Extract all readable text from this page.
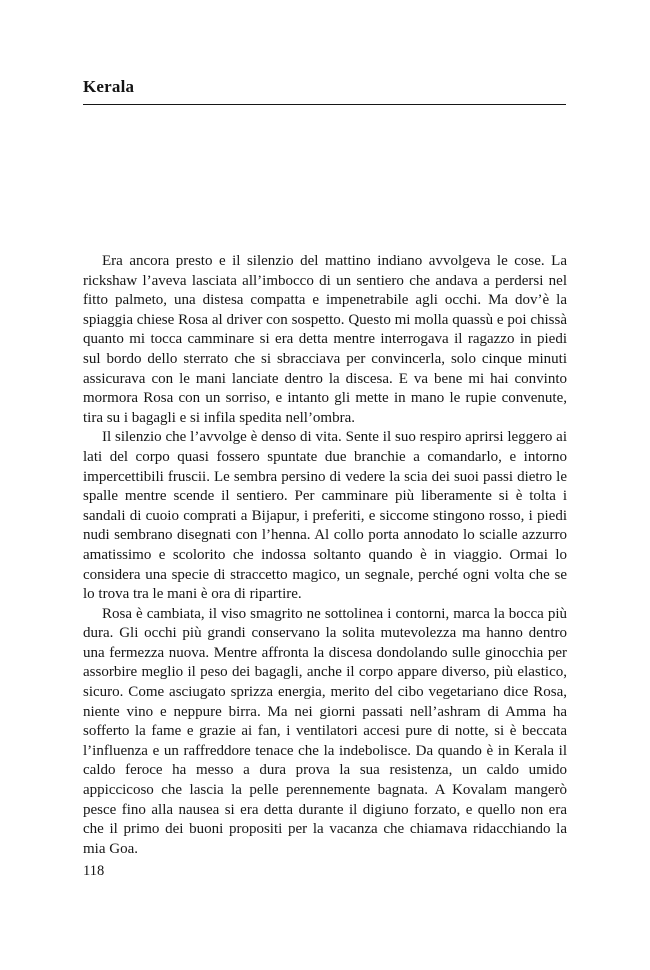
Kerala

Era ancora presto e il silenzio del mattino indiano avvolgeva le cose. La rickshaw l’aveva lasciata all’imbocco di un sentiero che andava a perdersi nel fitto palmeto, una distesa compatta e impenetrabile agli occhi. Ma dov’è la spiaggia chiese Rosa al driver con sospetto. Questo mi molla quassù e poi chissà quanto mi tocca camminare si era detta mentre interrogava il ragazzo in piedi sul bordo dello sterrato che si sbracciava per convincerla, solo cinque minuti assicurava con le mani lanciate dentro la discesa. E va bene mi hai convinto mormora Rosa con un sorriso, e intanto gli mette in mano le rupie convenute, tira su i bagagli e si infila spedita nell’ombra.

Il silenzio che l’avvolge è denso di vita. Sente il suo respiro aprirsi leggero ai lati del corpo quasi fossero spuntate due branchie a comandarlo, e intorno impercettibili fruscii. Le sembra persino di vedere la scia dei suoi passi dietro le spalle mentre scende il sentiero. Per camminare più liberamente si è tolta i sandali di cuoio comprati a Bijapur, i preferiti, e siccome stingono rosso, i piedi nudi sembrano disegnati con l’henna. Al collo porta annodato lo scialle azzurro amatissimo e scolorito che indossa soltanto quando è in viaggio. Ormai lo considera una specie di straccetto magico, un segnale, perché ogni volta che se lo trova tra le mani è ora di ripartire.

Rosa è cambiata, il viso smagrito ne sottolinea i contorni, marca la bocca più dura. Gli occhi più grandi conservano la solita mutevolezza ma hanno dentro una fermezza nuova. Mentre affronta la discesa dondolando sulle ginocchia per assorbire meglio il peso dei bagagli, anche il corpo appare diverso, più elastico, sicuro. Come asciugato sprizza energia, merito del cibo vegetariano dice Rosa, niente vino e neppure birra. Ma nei giorni passati nell’ashram di Amma ha sofferto la fame e grazie ai fan, i ventilatori accesi pure di notte, si è beccata l’influenza e un raffreddore tenace che la indebolisce. Da quando è in Kerala il caldo feroce ha messo a dura prova la sua resistenza, un caldo umido appiccicoso che lascia la pelle perennemente bagnata. A Kovalam mangerò pesce fino alla nausea si era detta durante il digiuno forzato, e quello non era che il primo dei buoni propositi per la vacanza che chiamava ridacchiando la mia Goa.

118
